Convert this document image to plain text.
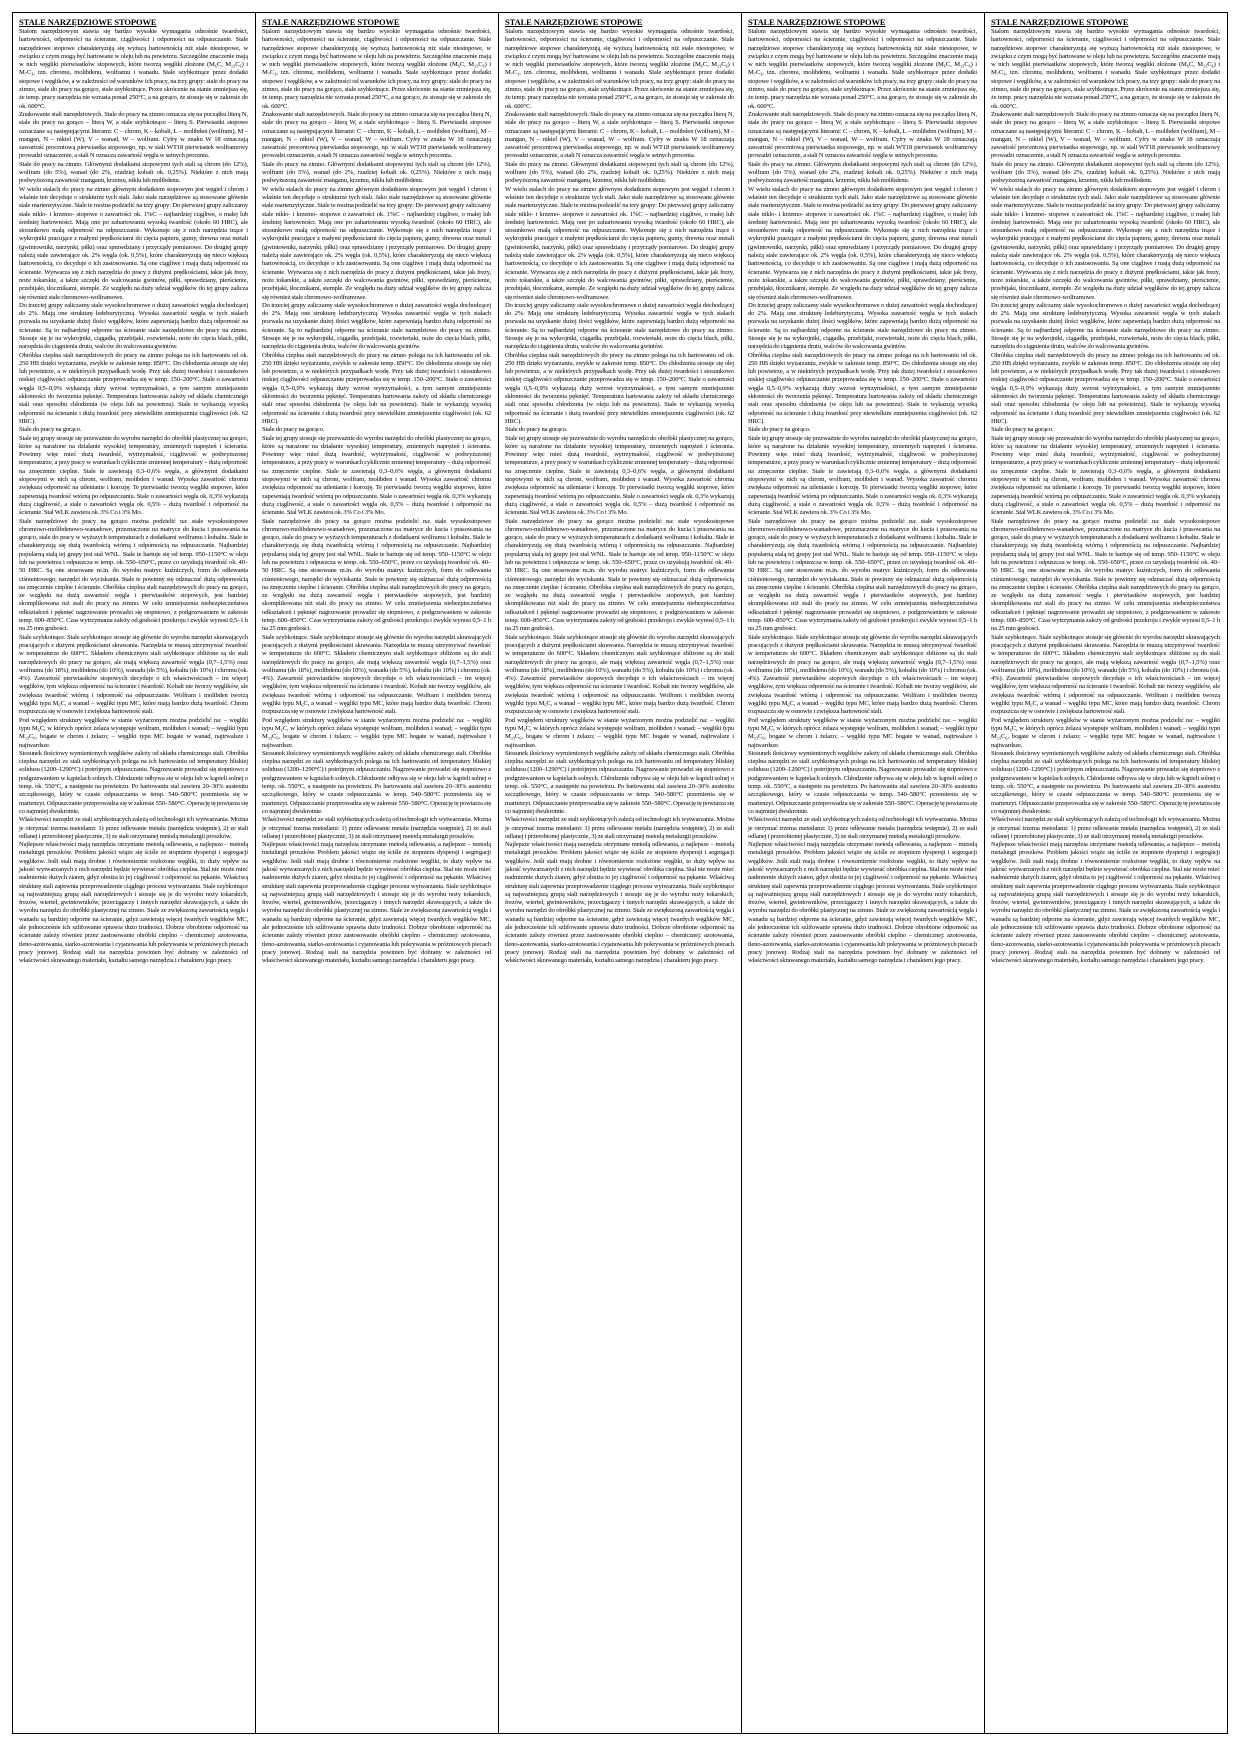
STALE NARZĘDZIOWE STOPOWE

Stalom narzędziowym stawia się bardzo wysokie wymagania odnośnie twardości, hartowności, odporności na ścieranie, ciągliwości i odporności na odpuszczanie. Stale narzędziowe stopowe charakteryzują się wyższą hartownością niż stale niestopowe, w związku z czym mogą być hartowane w oleju lub na powietrzu. Szczególne znaczenie mają w nich węgliki pierwiastków stopowych, które tworzą węgliki złożone (M₆C, M₂₃C₆) i M₇C₃, tzn. chromu, molibdenu, wolframu i wanadu. Stale szybkotnące przez dodatki stopowe i węglików, a w zależności od warunków ich pracy, na trzy grupy: stale do pracy na zimno, stale do pracy na gorąco, stale szybkotnące. Przez skrócenie na stanie zmniejsza się, że temp. pracy narzędzia nie wzrasta ponad 250°C, a na gorąco, że stosuje się w zakresie do ok. 600°C.

Znakowanie stali narzędziowych. Stale do pracy na zimno oznacza się na początku literą N, stale do pracy na gorąco – literą W, a stale szybkotnące – literą S. Pierwiastki stopowe oznaczane są następującymi literami: C – chrom, K – kobalt, L – molibden (wolfram), M – mangan, N – nikiel (W), V – wanad, W – wolfram. Cyfry w znaku W 18 oznaczają zawartość procentową pierwiastka stopowego, np. w stali WT18 pierwiastek wolframowy prowadzi oznaczenie, a stali N oznacza zawartość węgla w setnych procenta.

Stale do pracy na zimno. Głównymi dodatkami stopowymi tych stali są chrom (do 12%), wolfram (do 5%), wanad (do 2%, rzadziej kobalt ok. 0,25%). Niektóre z nich mają podwyższoną zawartość manganu, krzemu, niklu lub molibdenu.

W wielu stalach do pracy na zimno głównym dodatkiem stopowym jest węgiel i chrom i właśnie ten decyduje o strukturze tych stali. Jako stale narzędziowe są stosowane głównie stale martenzytyczne. Stale te można podzielić na trzy grupy: Do pierwszej grupy zaliczamy stale niklo- i krzemo- stopowe o zawartości ok. 1%C – najbardziej ciągliwe, o małej lub średniej hartowności. Mają one po zahartowaniu wysoką twardość (około 60 HRC), ale stosunkowo małą odporność na odpuszczanie. Wykonuje się z nich narzędzia tnące i wykrojniki pracujące z małymi prędkościami do cięcia papieru, gumy, drewna oraz metali (gwintowniki, narzynki, piłki) oraz sprawdziany i przyrządy pomiarowe. Do drugiej grupy należą stale zawierające ok. 2% węgla (ok. 0,5%), które charakteryzują się nieco większą hartownością, co decyduje o ich zastosowaniu. Są one ciągliwe i mają dużą odporność na ścieranie. Wytwarza się z nich narzędzia do pracy z dużymi prędkościami, takie jak frezy, noże tokarskie, a także szczęki do walcowania gwintów, piłki, sprawdziany, pierścienie, przebijaki, tłocznikami, stemple. Ze względu na duży udział węglików do tej grupy zalicza się również stale chromowo-wolframowe.

Do trzeciej grupy zaliczamy stale wysokochromowe o dużej zawartości węgla dochodzącej do 2%. Mają one strukturę ledeburytyczną. Wysoka zawartość węgla w tych stalach pozwala na uzyskanie dużej ilości węglików, które zapewniają bardzo dużą odporność na ścieranie. Są to najbardziej odporne na ścieranie stale narzędziowe do pracy na zimno. Stosuje się je na wykrojniki, ciągadła, przebijaki, rozwiertaki, noże do cięcia blach, piłki, narzędzia do ciągnienia drutu, walców do walcowania gwintów.

Obróbka cieplna stali narzędziowych do pracy na zimno polega na ich hartowaniu od ok. 250 HB dzięki wyżarzaniu, zwykle w zakresie temp. 850°C. Do chłodzenia stosuje się olej lub powietrze, a w niektórych przypadkach wodę. Przy tak dużej twardości i stosunkowo niskiej ciągliwości odpuszczanie przeprowadza się w temp. 150–200°C. Stale o zawartości węgla 0,5–0,9% wykazują duży wzrost wytrzymałości, a tym samym zmniejszenie skłonności do tworzenia pęknięć. Temperatura hartowania zależy od składu chemicznego stali oraz sposobu chłodzenia (w oleju lub na powietrzu). Stale te wykazują wysoką odporność na ścieranie i dużą twardość przy niewielkim zmniejszeniu ciągliwości (ok. 62 HRC).

Stale do pracy na gorąco.

Stale tej grupy stosuje się przeważnie do wyrobu narzędzi do obróbki plastycznej na gorąco, które są narażone na działanie wysokiej temperatury, zmiennych naprężeń i ścierania. Powinny więc mieć dużą twardość, wytrzymałość, ciągliwość w podwyższonej temperaturze, a przy pracy w warunkach cyklicznie zmiennej temperatury – dużą odporność na zmęczenie cieplne. Stale te zawierają 0,3–0,6% węgla, a głównymi dodatkami stopowymi w nich są chrom, wolfram, molibden i wanad. Wysoka zawartość chromu zwiększa odporność na utlenianie i korozję. Te pierwiastki tworzą węgliki stopowe, które zapewniają twardość wtórną po odpuszczaniu. Stale o zawartości węgla ok. 0,3% wykazują dużą ciągliwość, a stale o zawartości węgla ok. 0,5% – dużą twardość i odporność na ścieranie. Stal WLK zawiera ok. 3% Co i 3% Mo.

Stale narzędziowe do pracy na gorąco można podzielić na: stale wysokostopowe chromowo-molibdenowo-wanadowe, przeznaczone na matryce do kucia i prasowania na gorąco, stale do pracy w wyższych temperaturach z dodatkami wolframu i kobaltu. Stale te charakteryzują się dużą twardością wtórną i odpornością na odpuszczanie. Najbardziej popularną stalą tej grupy jest stal WNL. Stale te hartuje się od temp. 950–1150°C w oleju lub na powietrzu i odpuszcza w temp. ok. 550–650°C, przez co uzyskują twardość ok. 40–50 HRC. Są one stosowane m.in. do wyrobu matryc kuźniczych, form do odlewania ciśnieniowego, narzędzi do wyciskania. Stale te powinny się odznaczać dużą odpornością na zmęczenie cieplne i ścieranie. Obróbka cieplna stali narzędziowych do pracy na gorąco, ze względu na dużą zawartość węgla i pierwiastków stopowych, jest bardziej skomplikowana niż stali do pracy na zimno. W celu zmniejszenia niebezpieczeństwa odkształceń i pęknięć nagrzewanie prowadzi się stopniowo, z podgrzewaniem w zakresie temp. 600–850°C. Czas wytrzymania zależy od grubości przekroju i zwykle wynosi 0,5–1 h na 25 mm grubości.

Stale szybkotnące. Stale szybkotnące stosuje się głównie do wyrobu narzędzi skrawających pracujących z dużymi prędkościami skrawania. Narzędzia te muszą utrzymywać twardość w temperaturze do 600°C. Składem chemicznym stali szybkotnące zbliżone są do stali narzędziowych do pracy na gorąco, ale mają większą zawartość węgla (0,7–1,5%) oraz wolframu (do 18%), molibdenu (do 10%), wanadu (do 5%), kobaltu (do 10%) i chromu (ok. 4%). Zawartość pierwiastków stopowych decyduje o ich właściwościach – im więcej węglików, tym większa odporność na ścieranie i twardość. Kobalt nie tworzy węglików, ale zwiększa twardość wtórną i odporność na odpuszczanie. Wolfram i molibden tworzą węgliki typu M₆C, a wanad – węgliki typu MC, które mają bardzo dużą twardość. Chrom rozpuszcza się w osnowie i zwiększa hartowność stali.

Pod względem struktury węglików w stanie wyżarzonym można podzielić na: – węgliki typu M₆C, w których oprócz żelaza występuje wolfram, molibden i wanad; – węgliki typu M₂₃C₆, bogate w chrom i żelazo; – węgliki typu MC bogate w wanad, najtrwalsze i najtwardsze.

Stosunek ilościowy wymienionych węglików zależy od składu chemicznego stali. Obróbka cieplna narzędzi ze stali szybkotnących polega na ich hartowaniu od temperatury bliskiej solidusu (1200–1290°C) i potrójnym odpuszczaniu. Nagrzewanie prowadzi się stopniowo z podgrzewaniem w kąpielach solnych. Chłodzenie odbywa się w oleju lub w kąpieli solnej o temp. ok. 550°C, a następnie na powietrzu. Po hartowaniu stal zawiera 20–30% austenitu szczątkowego, który w czasie odpuszczania w temp. 540–580°C przemienia się w martenzyt. Odpuszczanie przeprowadza się w zakresie 550–580°C. Operację tę powtarza się co najmniej dwukrotnie.

Właściwości narzędzi ze stali szybkotnących zależą od technologii ich wytwarzania. Można je otrzymać trzema metodami: 1) przez odlewanie metalu (narzędzia wstępnie), 2) ze stali odlanej i przerobionej plastycznie, 3) ze stali otrzymanej metodą metalurgii proszków.

Najlepsze właściwości mają narzędzia otrzymane metodą odlewania, a najlepsze – metodą metalurgii proszków. Problem jakości wiąże się ściśle ze stopniem dyspersji i segregacji węglików. Jeśli stali mają drobne i równomiernie rozłożone węgliki, to duży wpływ na jakość wytwarzanych z nich narzędzi będzie wywierać obróbka cieplna. Stal nie może mieć nadmiernie dużych ziaren, gdyż obniża to jej ciągliwość i odporność na pękanie. Właściwą strukturę stali zapewnia przeprowadzenie ciągłego procesu wytwarzania. Stale szybkotnące są najważniejszą grupą stali narzędziowych i stosuje się je do wyrobu noży tokarskich, frezów, wierteł, gwintowników, przeciągaczy i innych narzędzi skrawających, a także do wyrobu narzędzi do obróbki plastycznej na zimno. Stale ze zwiększoną zawartością węgla i wanadu są bardziej odporne na ścieranie, gdyż zawierają więcej twardych węglików MC, ale jednocześnie ich szlifowanie sprawia dużo trudności. Dobrze obrobione odporność na ścieranie zależy również przez zastosowanie obróbki cieplno – chemicznej: azotowania, tleno-azotowania, siarko-azotowania i cyjanowania lub pokrywania w próżniowych piecach pracy jonowej. Rodzaj stali na narzędzia powinien być dobrany w zależności od właściwości skrawanego materiału, kształtu samego narzędzia i charakteru jego pracy.

STALE NARZĘDZIOWE STOPOWE

Stalom narzędziowym stawia się bardzo wysokie wymagania odnośnie twardości, hartowności, odporności na ścieranie, ciągliwości i odporności na odpuszczanie. Stale narzędziowe stopowe charakteryzują się wyższą hartownością niż stale niestopowe, w związku z czym mogą być hartowane w oleju lub na powietrzu. Szczególne znaczenie mają w nich węgliki pierwiastków stopowych, które tworzą węgliki złożone (M₆C, M₂₃C₆) i M₇C₃, tzn. chromu, molibdenu, wolframu i wanadu. Stale szybkotnące przez dodatki stopowe i węglików, a w zależności od warunków ich pracy, na trzy grupy: stale do pracy na zimno, stale do pracy na gorąco, stale szybkotnące. Przez skrócenie na stanie zmniejsza się, że temp. pracy narzędzia nie wzrasta ponad 250°C, a na gorąco, że stosuje się w zakresie do ok. 600°C.

Znakowanie stali narzędziowych. Stale do pracy na zimno oznacza się na początku literą N, stale do pracy na gorąco – literą W, a stale szybkotnące – literą S. Pierwiastki stopowe oznaczane są następującymi literami: C – chrom, K – kobalt, L – molibden (wolfram), M – mangan, N – nikiel (W), V – wanad, W – wolfram. Cyfry w znaku W 18 oznaczają zawartość procentową pierwiastka stopowego, np. w stali WT18 pierwiastek wolframowy prowadzi oznaczenie, a stali N oznacza zawartość węgla w setnych procenta.

Stale do pracy na zimno. Głównymi dodatkami stopowymi tych stali są chrom (do 12%), wolfram (do 5%), wanad (do 2%, rzadziej kobalt ok. 0,25%). Niektóre z nich mają podwyższoną zawartość manganu, krzemu, niklu lub molibdenu.

W wielu stalach do pracy na zimno głównym dodatkiem stopowym jest węgiel i chrom i właśnie ten decyduje o strukturze tych stali. Jako stale narzędziowe są stosowane głównie stale martenzytyczne. Stale te można podzielić na trzy grupy: Do pierwszej grupy zaliczamy stale niklo- i krzemo- stopowe o zawartości ok. 1%C – najbardziej ciągliwe, o małej lub średniej hartowności. Mają one po zahartowaniu wysoką twardość (około 60 HRC), ale stosunkowo małą odporność na odpuszczanie. Wykonuje się z nich narzędzia tnące i wykrojniki pracujące z małymi prędkościami do cięcia papieru, gumy, drewna oraz metali (gwintowniki, narzynki, piłki) oraz sprawdziany i przyrządy pomiarowe. Do drugiej grupy należą stale zawierające ok. 2% węgla (ok. 0,5%), które charakteryzują się nieco większą hartownością, co decyduje o ich zastosowaniu. Są one ciągliwe i mają dużą odporność na ścieranie. Wytwarza się z nich narzędzia do pracy z dużymi prędkościami, takie jak frezy, noże tokarskie, a także szczęki do walcowania gwintów, piłki, sprawdziany, pierścienie, przebijaki, tłocznikami, stemple. Ze względu na duży udział węglików do tej grupy zalicza się również stale chromowo-wolframowe.

Do trzeciej grupy zaliczamy stale wysokochromowe o dużej zawartości węgla dochodzącej do 2%. Mają one strukturę ledeburytyczną. Wysoka zawartość węgla w tych stalach pozwala na uzyskanie dużej ilości węglików, które zapewniają bardzo dużą odporność na ścieranie. Są to najbardziej odporne na ścieranie stale narzędziowe do pracy na zimno. Stosuje się je na wykrojniki, ciągadła, przebijaki, rozwiertaki, noże do cięcia blach, piłki, narzędzia do ciągnienia drutu, walców do walcowania gwintów.

Obróbka cieplna stali narzędziowych do pracy na zimno polega na ich hartowaniu od ok. 250 HB dzięki wyżarzaniu, zwykle w zakresie temp. 850°C. Do chłodzenia stosuje się olej lub powietrze, a w niektórych przypadkach wodę. Przy tak dużej twardości i stosunkowo niskiej ciągliwości odpuszczanie przeprowadza się w temp. 150–200°C. Stale o zawartości węgla 0,5–0,9% wykazują duży wzrost wytrzymałości, a tym samym zmniejszenie skłonności do tworzenia pęknięć. Temperatura hartowania zależy od składu chemicznego stali oraz sposobu chłodzenia (w oleju lub na powietrzu). Stale te wykazują wysoką odporność na ścieranie i dużą twardość przy niewielkim zmniejszeniu ciągliwości (ok. 62 HRC).

Stale do pracy na gorąco.

Stale tej grupy stosuje się przeważnie do wyrobu narzędzi do obróbki plastycznej na gorąco, które są narażone na działanie wysokiej temperatury, zmiennych naprężeń i ścierania. Powinny więc mieć dużą twardość, wytrzymałość, ciągliwość w podwyższonej temperaturze, a przy pracy w warunkach cyklicznie zmiennej temperatury – dużą odporność na zmęczenie cieplne. Stale te zawierają 0,3–0,6% węgla, a głównymi dodatkami stopowymi w nich są chrom, wolfram, molibden i wanad. Wysoka zawartość chromu zwiększa odporność na utlenianie i korozję. Te pierwiastki tworzą węgliki stopowe, które zapewniają twardość wtórną po odpuszczaniu. Stale o zawartości węgla ok. 0,3% wykazują dużą ciągliwość, a stale o zawartości węgla ok. 0,5% – dużą twardość i odporność na ścieranie. Stal WLK zawiera ok. 3% Co i 3% Mo.

Stale narzędziowe do pracy na gorąco można podzielić na: stale wysokostopowe chromowo-molibdenowo-wanadowe, przeznaczone na matryce do kucia i prasowania na gorąco, stale do pracy w wyższych temperaturach z dodatkami wolframu i kobaltu. Stale te charakteryzują się dużą twardością wtórną i odpornością na odpuszczanie. Najbardziej popularną stalą tej grupy jest stal WNL. Stale te hartuje się od temp. 950–1150°C w oleju lub na powietrzu i odpuszcza w temp. ok. 550–650°C, przez co uzyskują twardość ok. 40–50 HRC. Są one stosowane m.in. do wyrobu matryc kuźniczych, form do odlewania ciśnieniowego, narzędzi do wyciskania. Stale te powinny się odznaczać dużą odpornością na zmęczenie cieplne i ścieranie. Obróbka cieplna stali narzędziowych do pracy na gorąco, ze względu na dużą zawartość węgla i pierwiastków stopowych, jest bardziej skomplikowana niż stali do pracy na zimno. W celu zmniejszenia niebezpieczeństwa odkształceń i pęknięć nagrzewanie prowadzi się stopniowo, z podgrzewaniem w zakresie temp. 600–850°C. Czas wytrzymania zależy od grubości przekroju i zwykle wynosi 0,5–1 h na 25 mm grubości.

Stale szybkotnące. Stale szybkotnące stosuje się głównie do wyrobu narzędzi skrawających pracujących z dużymi prędkościami skrawania. Narzędzia te muszą utrzymywać twardość w temperaturze do 600°C. Składem chemicznym stali szybkotnące zbliżone są do stali narzędziowych do pracy na gorąco, ale mają większą zawartość węgla (0,7–1,5%) oraz wolframu (do 18%), molibdenu (do 10%), wanadu (do 5%), kobaltu (do 10%) i chromu (ok. 4%). Zawartość pierwiastków stopowych decyduje o ich właściwościach – im więcej węglików, tym większa odporność na ścieranie i twardość. Kobalt nie tworzy węglików, ale zwiększa twardość wtórną i odporność na odpuszczanie. Wolfram i molibden tworzą węgliki typu M₆C, a wanad – węgliki typu MC, które mają bardzo dużą twardość. Chrom rozpuszcza się w osnowie i zwiększa hartowność stali.

Pod względem struktury węglików w stanie wyżarzonym można podzielić na: – węgliki typu M₆C, w których oprócz żelaza występuje wolfram, molibden i wanad; – węgliki typu M₂₃C₆, bogate w chrom i żelazo; – węgliki typu MC bogate w wanad, najtrwalsze i najtwardsze.

Stosunek ilościowy wymienionych węglików zależy od składu chemicznego stali. Obróbka cieplna narzędzi ze stali szybkotnących polega na ich hartowaniu od temperatury bliskiej solidusu (1200–1290°C) i potrójnym odpuszczaniu. Nagrzewanie prowadzi się stopniowo z podgrzewaniem w kąpielach solnych. Chłodzenie odbywa się w oleju lub w kąpieli solnej o temp. ok. 550°C, a następnie na powietrzu. Po hartowaniu stal zawiera 20–30% austenitu szczątkowego, który w czasie odpuszczania w temp. 540–580°C przemienia się w martenzyt. Odpuszczanie przeprowadza się w zakresie 550–580°C. Operację tę powtarza się co najmniej dwukrotnie.

Właściwości narzędzi ze stali szybkotnących zależą od technologii ich wytwarzania. Można je otrzymać trzema metodami: 1) przez odlewanie metalu (narzędzia wstępnie), 2) ze stali odlanej i przerobionej plastycznie, 3) ze stali otrzymanej metodą metalurgii proszków.

Najlepsze właściwości mają narzędzia otrzymane metodą odlewania, a najlepsze – metodą metalurgii proszków. Problem jakości wiąże się ściśle ze stopniem dyspersji i segregacji węglików. Jeśli stali mają drobne i równomiernie rozłożone węgliki, to duży wpływ na jakość wytwarzanych z nich narzędzi będzie wywierać obróbka cieplna. Stal nie może mieć nadmiernie dużych ziaren, gdyż obniża to jej ciągliwość i odporność na pękanie. Właściwą strukturę stali zapewnia przeprowadzenie ciągłego procesu wytwarzania. Stale szybkotnące są najważniejszą grupą stali narzędziowych i stosuje się je do wyrobu noży tokarskich, frezów, wierteł, gwintowników, przeciągaczy i innych narzędzi skrawających, a także do wyrobu narzędzi do obróbki plastycznej na zimno. Stale ze zwiększoną zawartością węgla i wanadu są bardziej odporne na ścieranie, gdyż zawierają więcej twardych węglików MC, ale jednocześnie ich szlifowanie sprawia dużo trudności. Dobrze obrobione odporność na ścieranie zależy również przez zastosowanie obróbki cieplno – chemicznej: azotowania, tleno-azotowania, siarko-azotowania i cyjanowania lub pokrywania w próżniowych piecach pracy jonowej. Rodzaj stali na narzędzia powinien być dobrany w zależności od właściwości skrawanego materiału, kształtu samego narzędzia i charakteru jego pracy.

STALE NARZĘDZIOWE STOPOWE

Stalom narzędziowym stawia się bardzo wysokie wymagania odnośnie twardości, hartowności, odporności na ścieranie, ciągliwości i odporności na odpuszczanie. Stale narzędziowe stopowe charakteryzują się wyższą hartownością niż stale niestopowe, w związku z czym mogą być hartowane w oleju lub na powietrzu. Szczególne znaczenie mają w nich węgliki pierwiastków stopowych, które tworzą węgliki złożone (M₆C, M₂₃C₆) i M₇C₃, tzn. chromu, molibdenu, wolframu i wanadu. Stale szybkotnące przez dodatki stopowe i węglików, a w zależności od warunków ich pracy, na trzy grupy: stale do pracy na zimno, stale do pracy na gorąco, stale szybkotnące. Przez skrócenie na stanie zmniejsza się, że temp. pracy narzędzia nie wzrasta ponad 250°C, a na gorąco, że stosuje się w zakresie do ok. 600°C.

Znakowanie stali narzędziowych. Stale do pracy na zimno oznacza się na początku literą N, stale do pracy na gorąco – literą W, a stale szybkotnące – literą S. Pierwiastki stopowe oznaczane są następującymi literami: C – chrom, K – kobalt, L – molibden (wolfram), M – mangan, N – nikiel (W), V – wanad, W – wolfram. Cyfry w znaku W 18 oznaczają zawartość procentową pierwiastka stopowego, np. w stali WT18 pierwiastek wolframowy prowadzi oznaczenie, a stali N oznacza zawartość węgla w setnych procenta.

Stale do pracy na zimno. Głównymi dodatkami stopowymi tych stali są chrom (do 12%), wolfram (do 5%), wanad (do 2%, rzadziej kobalt ok. 0,25%). Niektóre z nich mają podwyższoną zawartość manganu, krzemu, niklu lub molibdenu.

W wielu stalach do pracy na zimno głównym dodatkiem stopowym jest węgiel i chrom i właśnie ten decyduje o strukturze tych stali. Jako stale narzędziowe są stosowane głównie stale martenzytyczne. Stale te można podzielić na trzy grupy: Do pierwszej grupy zaliczamy stale niklo- i krzemo- stopowe o zawartości ok. 1%C – najbardziej ciągliwe, o małej lub średniej hartowności. Mają one po zahartowaniu wysoką twardość (około 60 HRC), ale stosunkowo małą odporność na odpuszczanie. Wykonuje się z nich narzędzia tnące i wykrojniki pracujące z małymi prędkościami do cięcia papieru, gumy, drewna oraz metali (gwintowniki, narzynki, piłki) oraz sprawdziany i przyrządy pomiarowe. Do drugiej grupy należą stale zawierające ok. 2% węgla (ok. 0,5%), które charakteryzują się nieco większą hartownością, co decyduje o ich zastosowaniu. Są one ciągliwe i mają dużą odporność na ścieranie. Wytwarza się z nich narzędzia do pracy z dużymi prędkościami, takie jak frezy, noże tokarskie, a także szczęki do walcowania gwintów, piłki, sprawdziany, pierścienie, przebijaki, tłocznikami, stemple. Ze względu na duży udział węglików do tej grupy zalicza się również stale chromowo-wolframowe.

Do trzeciej grupy zaliczamy stale wysokochromowe o dużej zawartości węgla dochodzącej do 2%. Mają one strukturę ledeburytyczną. Wysoka zawartość węgla w tych stalach pozwala na uzyskanie dużej ilości węglików, które zapewniają bardzo dużą odporność na ścieranie. Są to najbardziej odporne na ścieranie stale narzędziowe do pracy na zimno. Stosuje się je na wykrojniki, ciągadła, przebijaki, rozwiertaki, noże do cięcia blach, piłki, narzędzia do ciągnienia drutu, walców do walcowania gwintów.

Obróbka cieplna stali narzędziowych do pracy na zimno polega na ich hartowaniu od ok. 250 HB dzięki wyżarzaniu, zwykle w zakresie temp. 850°C. Do chłodzenia stosuje się olej lub powietrze, a w niektórych przypadkach wodę. Przy tak dużej twardości i stosunkowo niskiej ciągliwości odpuszczanie przeprowadza się w temp. 150–200°C. Stale o zawartości węgla 0,5–0,9% wykazują duży wzrost wytrzymałości, a tym samym zmniejszenie skłonności do tworzenia pęknięć. Temperatura hartowania zależy od składu chemicznego stali oraz sposobu chłodzenia (w oleju lub na powietrzu). Stale te wykazują wysoką odporność na ścieranie i dużą twardość przy niewielkim zmniejszeniu ciągliwości (ok. 62 HRC).

Stale do pracy na gorąco.

Stale tej grupy stosuje się przeważnie do wyrobu narzędzi do obróbki plastycznej na gorąco, które są narażone na działanie wysokiej temperatury, zmiennych naprężeń i ścierania. Powinny więc mieć dużą twardość, wytrzymałość, ciągliwość w podwyższonej temperaturze, a przy pracy w warunkach cyklicznie zmiennej temperatury – dużą odporność na zmęczenie cieplne. Stale te zawierają 0,3–0,6% węgla, a głównymi dodatkami stopowymi w nich są chrom, wolfram, molibden i wanad. Wysoka zawartość chromu zwiększa odporność na utlenianie i korozję. Te pierwiastki tworzą węgliki stopowe, które zapewniają twardość wtórną po odpuszczaniu. Stale o zawartości węgla ok. 0,3% wykazują dużą ciągliwość, a stale o zawartości węgla ok. 0,5% – dużą twardość i odporność na ścieranie. Stal WLK zawiera ok. 3% Co i 3% Mo.

Stale narzędziowe do pracy na gorąco można podzielić na: stale wysokostopowe chromowo-molibdenowo-wanadowe, przeznaczone na matryce do kucia i prasowania na gorąco, stale do pracy w wyższych temperaturach z dodatkami wolframu i kobaltu. Stale te charakteryzują się dużą twardością wtórną i odpornością na odpuszczanie. Najbardziej popularną stalą tej grupy jest stal WNL. Stale te hartuje się od temp. 950–1150°C w oleju lub na powietrzu i odpuszcza w temp. ok. 550–650°C, przez co uzyskują twardość ok. 40–50 HRC. Są one stosowane m.in. do wyrobu matryc kuźniczych, form do odlewania ciśnieniowego, narzędzi do wyciskania. Stale te powinny się odznaczać dużą odpornością na zmęczenie cieplne i ścieranie. Obróbka cieplna stali narzędziowych do pracy na gorąco, ze względu na dużą zawartość węgla i pierwiastków stopowych, jest bardziej skomplikowana niż stali do pracy na zimno. W celu zmniejszenia niebezpieczeństwa odkształceń i pęknięć nagrzewanie prowadzi się stopniowo, z podgrzewaniem w zakresie temp. 600–850°C. Czas wytrzymania zależy od grubości przekroju i zwykle wynosi 0,5–1 h na 25 mm grubości.

Stale szybkotnące. Stale szybkotnące stosuje się głównie do wyrobu narzędzi skrawających pracujących z dużymi prędkościami skrawania. Narzędzia te muszą utrzymywać twardość w temperaturze do 600°C. Składem chemicznym stali szybkotnące zbliżone są do stali narzędziowych do pracy na gorąco, ale mają większą zawartość węgla (0,7–1,5%) oraz wolframu (do 18%), molibdenu (do 10%), wanadu (do 5%), kobaltu (do 10%) i chromu (ok. 4%). Zawartość pierwiastków stopowych decyduje o ich właściwościach – im więcej węglików, tym większa odporność na ścieranie i twardość. Kobalt nie tworzy węglików, ale zwiększa twardość wtórną i odporność na odpuszczanie. Wolfram i molibden tworzą węgliki typu M₆C, a wanad – węgliki typu MC, które mają bardzo dużą twardość. Chrom rozpuszcza się w osnowie i zwiększa hartowność stali.

Pod względem struktury węglików w stanie wyżarzonym można podzielić na: – węgliki typu M₆C, w których oprócz żelaza występuje wolfram, molibden i wanad; – węgliki typu M₂₃C₆, bogate w chrom i żelazo; – węgliki typu MC bogate w wanad, najtrwalsze i najtwardsze.

Stosunek ilościowy wymienionych węglików zależy od składu chemicznego stali. Obróbka cieplna narzędzi ze stali szybkotnących polega na ich hartowaniu od temperatury bliskiej solidusu (1200–1290°C) i potrójnym odpuszczaniu. Nagrzewanie prowadzi się stopniowo z podgrzewaniem w kąpielach solnych. Chłodzenie odbywa się w oleju lub w kąpieli solnej o temp. ok. 550°C, a następnie na powietrzu. Po hartowaniu stal zawiera 20–30% austenitu szczątkowego, który w czasie odpuszczania w temp. 540–580°C przemienia się w martenzyt. Odpuszczanie przeprowadza się w zakresie 550–580°C. Operację tę powtarza się co najmniej dwukrotnie.

Właściwości narzędzi ze stali szybkotnących zależą od technologii ich wytwarzania. Można je otrzymać trzema metodami: 1) przez odlewanie metalu (narzędzia wstępnie), 2) ze stali odlanej i przerobionej plastycznie, 3) ze stali otrzymanej metodą metalurgii proszków.

Najlepsze właściwości mają narzędzia otrzymane metodą odlewania, a najlepsze – metodą metalurgii proszków. Problem jakości wiąże się ściśle ze stopniem dyspersji i segregacji węglików. Jeśli stali mają drobne i równomiernie rozłożone węgliki, to duży wpływ na jakość wytwarzanych z nich narzędzi będzie wywierać obróbka cieplna. Stal nie może mieć nadmiernie dużych ziaren, gdyż obniża to jej ciągliwość i odporność na pękanie. Właściwą strukturę stali zapewnia przeprowadzenie ciągłego procesu wytwarzania. Stale szybkotnące są najważniejszą grupą stali narzędziowych i stosuje się je do wyrobu noży tokarskich, frezów, wierteł, gwintowników, przeciągaczy i innych narzędzi skrawających, a także do wyrobu narzędzi do obróbki plastycznej na zimno. Stale ze zwiększoną zawartością węgla i wanadu są bardziej odporne na ścieranie, gdyż zawierają więcej twardych węglików MC, ale jednocześnie ich szlifowanie sprawia dużo trudności. Dobrze obrobione odporność na ścieranie zależy również przez zastosowanie obróbki cieplno – chemicznej: azotowania, tleno-azotowania, siarko-azotowania i cyjanowania lub pokrywania w próżniowych piecach pracy jonowej. Rodzaj stali na narzędzia powinien być dobrany w zależności od właściwości skrawanego materiału, kształtu samego narzędzia i charakteru jego pracy.

STALE NARZĘDZIOWE STOPOWE

Stalom narzędziowym stawia się bardzo wysokie wymagania odnośnie twardości, hartowności, odporności na ścieranie, ciągliwości i odporności na odpuszczanie. Stale narzędziowe stopowe charakteryzują się wyższą hartownością niż stale niestopowe, w związku z czym mogą być hartowane w oleju lub na powietrzu. Szczególne znaczenie mają w nich węgliki pierwiastków stopowych, które tworzą węgliki złożone (M₆C, M₂₃C₆) i M₇C₃, tzn. chromu, molibdenu, wolframu i wanadu. Stale szybkotnące przez dodatki stopowe i węglików, a w zależności od warunków ich pracy, na trzy grupy: stale do pracy na zimno, stale do pracy na gorąco, stale szybkotnące. Przez skrócenie na stanie zmniejsza się, że temp. pracy narzędzia nie wzrasta ponad 250°C, a na gorąco, że stosuje się w zakresie do ok. 600°C.

Znakowanie stali narzędziowych. Stale do pracy na zimno oznacza się na początku literą N, stale do pracy na gorąco – literą W, a stale szybkotnące – literą S. Pierwiastki stopowe oznaczane są następującymi literami: C – chrom, K – kobalt, L – molibden (wolfram), M – mangan, N – nikiel (W), V – wanad, W – wolfram. Cyfry w znaku W 18 oznaczają zawartość procentową pierwiastka stopowego, np. w stali WT18 pierwiastek wolframowy prowadzi oznaczenie, a stali N oznacza zawartość węgla w setnych procenta.

Stale do pracy na zimno. Głównymi dodatkami stopowymi tych stali są chrom (do 12%), wolfram (do 5%), wanad (do 2%, rzadziej kobalt ok. 0,25%). Niektóre z nich mają podwyższoną zawartość manganu, krzemu, niklu lub molibdenu.

W wielu stalach do pracy na zimno głównym dodatkiem stopowym jest węgiel i chrom i właśnie ten decyduje o strukturze tych stali. Jako stale narzędziowe są stosowane głównie stale martenzytyczne. Stale te można podzielić na trzy grupy: Do pierwszej grupy zaliczamy stale niklo- i krzemo- stopowe o zawartości ok. 1%C – najbardziej ciągliwe, o małej lub średniej hartowności. Mają one po zahartowaniu wysoką twardość (około 60 HRC), ale stosunkowo małą odporność na odpuszczanie. Wykonuje się z nich narzędzia tnące i wykrojniki pracujące z małymi prędkościami do cięcia papieru, gumy, drewna oraz metali (gwintowniki, narzynki, piłki) oraz sprawdziany i przyrządy pomiarowe. Do drugiej grupy należą stale zawierające ok. 2% węgla (ok. 0,5%), które charakteryzują się nieco większą hartownością, co decyduje o ich zastosowaniu. Są one ciągliwe i mają dużą odporność na ścieranie. Wytwarza się z nich narzędzia do pracy z dużymi prędkościami, takie jak frezy, noże tokarskie, a także szczęki do walcowania gwintów, piłki, sprawdziany, pierścienie, przebijaki, tłocznikami, stemple. Ze względu na duży udział węglików do tej grupy zalicza się również stale chromowo-wolframowe.

Do trzeciej grupy zaliczamy stale wysokochromowe o dużej zawartości węgla dochodzącej do 2%. Mają one strukturę ledeburytyczną. Wysoka zawartość węgla w tych stalach pozwala na uzyskanie dużej ilości węglików, które zapewniają bardzo dużą odporność na ścieranie. Są to najbardziej odporne na ścieranie stale narzędziowe do pracy na zimno. Stosuje się je na wykrojniki, ciągadła, przebijaki, rozwiertaki, noże do cięcia blach, piłki, narzędzia do ciągnienia drutu, walców do walcowania gwintów.

Obróbka cieplna stali narzędziowych do pracy na zimno polega na ich hartowaniu od ok. 250 HB dzięki wyżarzaniu, zwykle w zakresie temp. 850°C. Do chłodzenia stosuje się olej lub powietrze, a w niektórych przypadkach wodę. Przy tak dużej twardości i stosunkowo niskiej ciągliwości odpuszczanie przeprowadza się w temp. 150–200°C. Stale o zawartości węgla 0,5–0,9% wykazują duży wzrost wytrzymałości, a tym samym zmniejszenie skłonności do tworzenia pęknięć. Temperatura hartowania zależy od składu chemicznego stali oraz sposobu chłodzenia (w oleju lub na powietrzu). Stale te wykazują wysoką odporność na ścieranie i dużą twardość przy niewielkim zmniejszeniu ciągliwości (ok. 62 HRC).

Stale do pracy na gorąco.

Stale tej grupy stosuje się przeważnie do wyrobu narzędzi do obróbki plastycznej na gorąco, które są narażone na działanie wysokiej temperatury, zmiennych naprężeń i ścierania. Powinny więc mieć dużą twardość, wytrzymałość, ciągliwość w podwyższonej temperaturze, a przy pracy w warunkach cyklicznie zmiennej temperatury – dużą odporność na zmęczenie cieplne. Stale te zawierają 0,3–0,6% węgla, a głównymi dodatkami stopowymi w nich są chrom, wolfram, molibden i wanad. Wysoka zawartość chromu zwiększa odporność na utlenianie i korozję. Te pierwiastki tworzą węgliki stopowe, które zapewniają twardość wtórną po odpuszczaniu. Stale o zawartości węgla ok. 0,3% wykazują dużą ciągliwość, a stale o zawartości węgla ok. 0,5% – dużą twardość i odporność na ścieranie. Stal WLK zawiera ok. 3% Co i 3% Mo.

Stale narzędziowe do pracy na gorąco można podzielić na: stale wysokostopowe chromowo-molibdenowo-wanadowe, przeznaczone na matryce do kucia i prasowania na gorąco, stale do pracy w wyższych temperaturach z dodatkami wolframu i kobaltu. Stale te charakteryzują się dużą twardością wtórną i odpornością na odpuszczanie. Najbardziej popularną stalą tej grupy jest stal WNL. Stale te hartuje się od temp. 950–1150°C w oleju lub na powietrzu i odpuszcza w temp. ok. 550–650°C, przez co uzyskują twardość ok. 40–50 HRC. Są one stosowane m.in. do wyrobu matryc kuźniczych, form do odlewania ciśnieniowego, narzędzi do wyciskania. Stale te powinny się odznaczać dużą odpornością na zmęczenie cieplne i ścieranie. Obróbka cieplna stali narzędziowych do pracy na gorąco, ze względu na dużą zawartość węgla i pierwiastków stopowych, jest bardziej skomplikowana niż stali do pracy na zimno. W celu zmniejszenia niebezpieczeństwa odkształceń i pęknięć nagrzewanie prowadzi się stopniowo, z podgrzewaniem w zakresie temp. 600–850°C. Czas wytrzymania zależy od grubości przekroju i zwykle wynosi 0,5–1 h na 25 mm grubości.

Stale szybkotnące. Stale szybkotnące stosuje się głównie do wyrobu narzędzi skrawających pracujących z dużymi prędkościami skrawania. Narzędzia te muszą utrzymywać twardość w temperaturze do 600°C. Składem chemicznym stali szybkotnące zbliżone są do stali narzędziowych do pracy na gorąco, ale mają większą zawartość węgla (0,7–1,5%) oraz wolframu (do 18%), molibdenu (do 10%), wanadu (do 5%), kobaltu (do 10%) i chromu (ok. 4%). Zawartość pierwiastków stopowych decyduje o ich właściwościach – im więcej węglików, tym większa odporność na ścieranie i twardość. Kobalt nie tworzy węglików, ale zwiększa twardość wtórną i odporność na odpuszczanie. Wolfram i molibden tworzą węgliki typu M₆C, a wanad – węgliki typu MC, które mają bardzo dużą twardość. Chrom rozpuszcza się w osnowie i zwiększa hartowność stali.

Pod względem struktury węglików w stanie wyżarzonym można podzielić na: – węgliki typu M₆C, w których oprócz żelaza występuje wolfram, molibden i wanad; – węgliki typu M₂₃C₆, bogate w chrom i żelazo; – węgliki typu MC bogate w wanad, najtrwalsze i najtwardsze.

Stosunek ilościowy wymienionych węglików zależy od składu chemicznego stali. Obróbka cieplna narzędzi ze stali szybkotnących polega na ich hartowaniu od temperatury bliskiej solidusu (1200–1290°C) i potrójnym odpuszczaniu. Nagrzewanie prowadzi się stopniowo z podgrzewaniem w kąpielach solnych. Chłodzenie odbywa się w oleju lub w kąpieli solnej o temp. ok. 550°C, a następnie na powietrzu. Po hartowaniu stal zawiera 20–30% austenitu szczątkowego, który w czasie odpuszczania w temp. 540–580°C przemienia się w martenzyt. Odpuszczanie przeprowadza się w zakresie 550–580°C. Operację tę powtarza się co najmniej dwukrotnie.

Właściwości narzędzi ze stali szybkotnących zależą od technologii ich wytwarzania. Można je otrzymać trzema metodami: 1) przez odlewanie metalu (narzędzia wstępnie), 2) ze stali odlanej i przerobionej plastycznie, 3) ze stali otrzymanej metodą metalurgii proszków.

Najlepsze właściwości mają narzędzia otrzymane metodą odlewania, a najlepsze – metodą metalurgii proszków. Problem jakości wiąże się ściśle ze stopniem dyspersji i segregacji węglików. Jeśli stali mają drobne i równomiernie rozłożone węgliki, to duży wpływ na jakość wytwarzanych z nich narzędzi będzie wywierać obróbka cieplna. Stal nie może mieć nadmiernie dużych ziaren, gdyż obniża to jej ciągliwość i odporność na pękanie. Właściwą strukturę stali zapewnia przeprowadzenie ciągłego procesu wytwarzania. Stale szybkotnące są najważniejszą grupą stali narzędziowych i stosuje się je do wyrobu noży tokarskich, frezów, wierteł, gwintowników, przeciągaczy i innych narzędzi skrawających, a także do wyrobu narzędzi do obróbki plastycznej na zimno. Stale ze zwiększoną zawartością węgla i wanadu są bardziej odporne na ścieranie, gdyż zawierają więcej twardych węglików MC, ale jednocześnie ich szlifowanie sprawia dużo trudności. Dobrze obrobione odporność na ścieranie zależy również przez zastosowanie obróbki cieplno – chemicznej: azotowania, tleno-azotowania, siarko-azotowania i cyjanowania lub pokrywania w próżniowych piecach pracy jonowej. Rodzaj stali na narzędzia powinien być dobrany w zależności od właściwości skrawanego materiału, kształtu samego narzędzia i charakteru jego pracy.

STALE NARZĘDZIOWE STOPOWE

Stalom narzędziowym stawia się bardzo wysokie wymagania odnośnie twardości, hartowności, odporności na ścieranie, ciągliwości i odporności na odpuszczanie. Stale narzędziowe stopowe charakteryzują się wyższą hartownością niż stale niestopowe, w związku z czym mogą być hartowane w oleju lub na powietrzu. Szczególne znaczenie mają w nich węgliki pierwiastków stopowych, które tworzą węgliki złożone (M₆C, M₂₃C₆) i M₇C₃, tzn. chromu, molibdenu, wolframu i wanadu. Stale szybkotnące przez dodatki stopowe i węglików, a w zależności od warunków ich pracy, na trzy grupy: stale do pracy na zimno, stale do pracy na gorąco, stale szybkotnące. Przez skrócenie na stanie zmniejsza się, że temp. pracy narzędzia nie wzrasta ponad 250°C, a na gorąco, że stosuje się w zakresie do ok. 600°C.

Znakowanie stali narzędziowych. Stale do pracy na zimno oznacza się na początku literą N, stale do pracy na gorąco – literą W, a stale szybkotnące – literą S. Pierwiastki stopowe oznaczane są następującymi literami: C – chrom, K – kobalt, L – molibden (wolfram), M – mangan, N – nikiel (W), V – wanad, W – wolfram. Cyfry w znaku W 18 oznaczają zawartość procentową pierwiastka stopowego, np. w stali WT18 pierwiastek wolframowy prowadzi oznaczenie, a stali N oznacza zawartość węgla w setnych procenta.

Stale do pracy na zimno. Głównymi dodatkami stopowymi tych stali są chrom (do 12%), wolfram (do 5%), wanad (do 2%, rzadziej kobalt ok. 0,25%). Niektóre z nich mają podwyższoną zawartość manganu, krzemu, niklu lub molibdenu.

W wielu stalach do pracy na zimno głównym dodatkiem stopowym jest węgiel i chrom i właśnie ten decyduje o strukturze tych stali. Jako stale narzędziowe są stosowane głównie stale martenzytyczne. Stale te można podzielić na trzy grupy: Do pierwszej grupy zaliczamy stale niklo- i krzemo- stopowe o zawartości ok. 1%C – najbardziej ciągliwe, o małej lub średniej hartowności. Mają one po zahartowaniu wysoką twardość (około 60 HRC), ale stosunkowo małą odporność na odpuszczanie. Wykonuje się z nich narzędzia tnące i wykrojniki pracujące z małymi prędkościami do cięcia papieru, gumy, drewna oraz metali (gwintowniki, narzynki, piłki) oraz sprawdziany i przyrządy pomiarowe. Do drugiej grupy należą stale zawierające ok. 2% węgla (ok. 0,5%), które charakteryzują się nieco większą hartownością, co decyduje o ich zastosowaniu. Są one ciągliwe i mają dużą odporność na ścieranie. Wytwarza się z nich narzędzia do pracy z dużymi prędkościami, takie jak frezy, noże tokarskie, a także szczęki do walcowania gwintów, piłki, sprawdziany, pierścienie, przebijaki, tłocznikami, stemple. Ze względu na duży udział węglików do tej grupy zalicza się również stale chromowo-wolframowe.

Do trzeciej grupy zaliczamy stale wysokochromowe o dużej zawartości węgla dochodzącej do 2%. Mają one strukturę ledeburytyczną. Wysoka zawartość węgla w tych stalach pozwala na uzyskanie dużej ilości węglików, które zapewniają bardzo dużą odporność na ścieranie. Są to najbardziej odporne na ścieranie stale narzędziowe do pracy na zimno. Stosuje się je na wykrojniki, ciągadła, przebijaki, rozwiertaki, noże do cięcia blach, piłki, narzędzia do ciągnienia drutu, walców do walcowania gwintów.

Obróbka cieplna stali narzędziowych do pracy na zimno polega na ich hartowaniu od ok. 250 HB dzięki wyżarzaniu, zwykle w zakresie temp. 850°C. Do chłodzenia stosuje się olej lub powietrze, a w niektórych przypadkach wodę. Przy tak dużej twardości i stosunkowo niskiej ciągliwości odpuszczanie przeprowadza się w temp. 150–200°C. Stale o zawartości węgla 0,5–0,9% wykazują duży wzrost wytrzymałości, a tym samym zmniejszenie skłonności do tworzenia pęknięć. Temperatura hartowania zależy od składu chemicznego stali oraz sposobu chłodzenia (w oleju lub na powietrzu). Stale te wykazują wysoką odporność na ścieranie i dużą twardość przy niewielkim zmniejszeniu ciągliwości (ok. 62 HRC).

Stale do pracy na gorąco.

Stale tej grupy stosuje się przeważnie do wyrobu narzędzi do obróbki plastycznej na gorąco, które są narażone na działanie wysokiej temperatury, zmiennych naprężeń i ścierania. Powinny więc mieć dużą twardość, wytrzymałość, ciągliwość w podwyższonej temperaturze, a przy pracy w warunkach cyklicznie zmiennej temperatury – dużą odporność na zmęczenie cieplne. Stale te zawierają 0,3–0,6% węgla, a głównymi dodatkami stopowymi w nich są chrom, wolfram, molibden i wanad. Wysoka zawartość chromu zwiększa odporność na utlenianie i korozję. Te pierwiastki tworzą węgliki stopowe, które zapewniają twardość wtórną po odpuszczaniu. Stale o zawartości węgla ok. 0,3% wykazują dużą ciągliwość, a stale o zawartości węgla ok. 0,5% – dużą twardość i odporność na ścieranie. Stal WLK zawiera ok. 3% Co i 3% Mo.

Stale narzędziowe do pracy na gorąco można podzielić na: stale wysokostopowe chromowo-molibdenowo-wanadowe, przeznaczone na matryce do kucia i prasowania na gorąco, stale do pracy w wyższych temperaturach z dodatkami wolframu i kobaltu. Stale te charakteryzują się dużą twardością wtórną i odpornością na odpuszczanie. Najbardziej popularną stalą tej grupy jest stal WNL. Stale te hartuje się od temp. 950–1150°C w oleju lub na powietrzu i odpuszcza w temp. ok. 550–650°C, przez co uzyskują twardość ok. 40–50 HRC. Są one stosowane m.in. do wyrobu matryc kuźniczych, form do odlewania ciśnieniowego, narzędzi do wyciskania. Stale te powinny się odznaczać dużą odpornością na zmęczenie cieplne i ścieranie. Obróbka cieplna stali narzędziowych do pracy na gorąco, ze względu na dużą zawartość węgla i pierwiastków stopowych, jest bardziej skomplikowana niż stali do pracy na zimno. W celu zmniejszenia niebezpieczeństwa odkształceń i pęknięć nagrzewanie prowadzi się stopniowo, z podgrzewaniem w zakresie temp. 600–850°C. Czas wytrzymania zależy od grubości przekroju i zwykle wynosi 0,5–1 h na 25 mm grubości.

Stale szybkotnące. Stale szybkotnące stosuje się głównie do wyrobu narzędzi skrawających pracujących z dużymi prędkościami skrawania. Narzędzia te muszą utrzymywać twardość w temperaturze do 600°C. Składem chemicznym stali szybkotnące zbliżone są do stali narzędziowych do pracy na gorąco, ale mają większą zawartość węgla (0,7–1,5%) oraz wolframu (do 18%), molibdenu (do 10%), wanadu (do 5%), kobaltu (do 10%) i chromu (ok. 4%). Zawartość pierwiastków stopowych decyduje o ich właściwościach – im więcej węglików, tym większa odporność na ścieranie i twardość. Kobalt nie tworzy węglików, ale zwiększa twardość wtórną i odporność na odpuszczanie. Wolfram i molibden tworzą węgliki typu M₆C, a wanad – węgliki typu MC, które mają bardzo dużą twardość. Chrom rozpuszcza się w osnowie i zwiększa hartowność stali.

Pod względem struktury węglików w stanie wyżarzonym można podzielić na: – węgliki typu M₆C, w których oprócz żelaza występuje wolfram, molibden i wanad; – węgliki typu M₂₃C₆, bogate w chrom i żelazo; – węgliki typu MC bogate w wanad, najtrwalsze i najtwardsze.

Stosunek ilościowy wymienionych węglików zależy od składu chemicznego stali. Obróbka cieplna narzędzi ze stali szybkotnących polega na ich hartowaniu od temperatury bliskiej solidusu (1200–1290°C) i potrójnym odpuszczaniu. Nagrzewanie prowadzi się stopniowo z podgrzewaniem w kąpielach solnych. Chłodzenie odbywa się w oleju lub w kąpieli solnej o temp. ok. 550°C, a następnie na powietrzu. Po hartowaniu stal zawiera 20–30% austenitu szczątkowego, który w czasie odpuszczania w temp. 540–580°C przemienia się w martenzyt. Odpuszczanie przeprowadza się w zakresie 550–580°C. Operację tę powtarza się co najmniej dwukrotnie.

Właściwości narzędzi ze stali szybkotnących zależą od technologii ich wytwarzania. Można je otrzymać trzema metodami: 1) przez odlewanie metalu (narzędzia wstępnie), 2) ze stali odlanej i przerobionej plastycznie, 3) ze stali otrzymanej metodą metalurgii proszków.

Najlepsze właściwości mają narzędzia otrzymane metodą odlewania, a najlepsze – metodą metalurgii proszków. Problem jakości wiąże się ściśle ze stopniem dyspersji i segregacji węglików. Jeśli stali mają drobne i równomiernie rozłożone węgliki, to duży wpływ na jakość wytwarzanych z nich narzędzi będzie wywierać obróbka cieplna. Stal nie może mieć nadmiernie dużych ziaren, gdyż obniża to jej ciągliwość i odporność na pękanie. Właściwą strukturę stali zapewnia przeprowadzenie ciągłego procesu wytwarzania. Stale szybkotnące są najważniejszą grupą stali narzędziowych i stosuje się je do wyrobu noży tokarskich, frezów, wierteł, gwintowników, przeciągaczy i innych narzędzi skrawających, a także do wyrobu narzędzi do obróbki plastycznej na zimno. Stale ze zwiększoną zawartością węgla i wanadu są bardziej odporne na ścieranie, gdyż zawierają więcej twardych węglików MC, ale jednocześnie ich szlifowanie sprawia dużo trudności. Dobrze obrobione odporność na ścieranie zależy również przez zastosowanie obróbki cieplno – chemicznej: azotowania, tleno-azotowania, siarko-azotowania i cyjanowania lub pokrywania w próżniowych piecach pracy jonowej. Rodzaj stali na narzędzia powinien być dobrany w zależności od właściwości skrawanego materiału, kształtu samego narzędzia i charakteru jego pracy.
